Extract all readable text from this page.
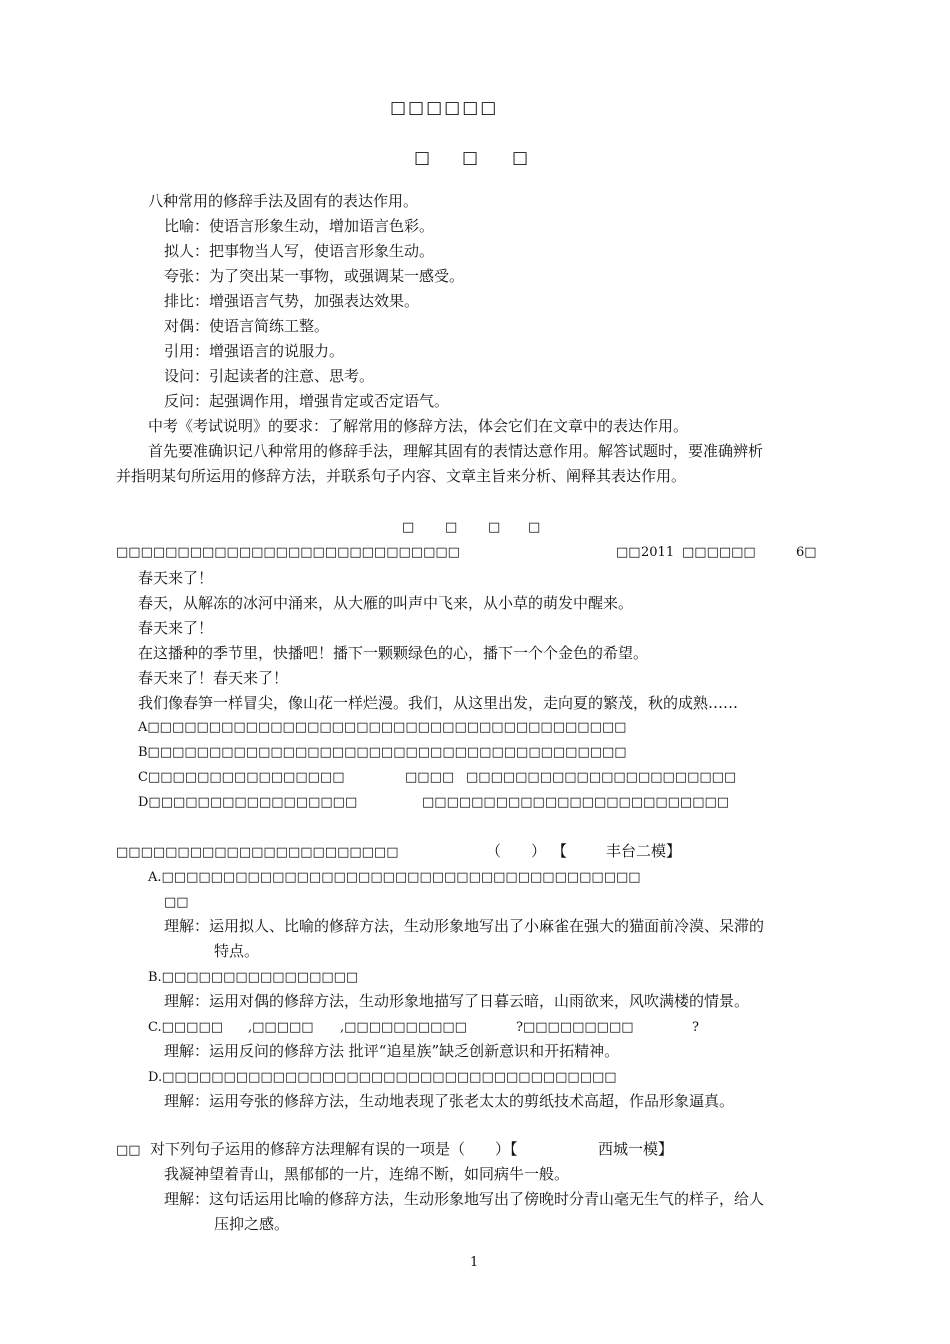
□□□□□□
□ □ □
八种常用的修辞手法及固有的表达作用。
比喻：使语言形象生动，增加语言色彩。
拟人：把事物当人写，使语言形象生动。
夸张：为了突出某一事物，或强调某一感受。
排比：增强语言气势，加强表达效果。
对偶：使语言简练工整。
引用：增强语言的说服力。
设问：引起读者的注意、思考。
反问：起强调作用，增强肯定或否定语气。
中考《考试说明》的要求：了解常用的修辞方法，体会它们在文章中的表达作用。
首先要准确识记八种常用的修辞手法，理解其固有的表情达意作用。解答试题时，要准确辨析
并指明某句所运用的修辞方法，并联系句子内容、文章主旨来分析、阐释其表达作用。
□ □ □ □
□□□□□□□□□□□□□□□□□□□□□□□□□□□□	□□ 2011 □□□□□□	6□
春天来了！
春天，从解冻的冰河中涌来，从大雁的叫声中飞来，从小草的萌发中醒来。
春天来了！
在这播种的季节里，快播吧！播下一颗颗绿色的心，播下一个个金色的希望。
春天来了！春天来了！
我们像春笋一样冒尖，像山花一样烂漫。我们，从这里出发，走向夏的繁茂，秋的成熟……
A□□□□□□□□□□□□□□□□□□□□□□□□□□□□□□□□□□□□□□□
B□□□□□□□□□□□□□□□□□□□□□□□□□□□□□□□□□□□□□□□
C□□□□□□□□□□□□□□□□	□□□□ □□□□□□□□□□□□□□□□□□□□□□
D□□□□□□□□□□□□□□□□□	□□□□□□□□□□□□□□□□□□□□□□□□□
□□□□□□□□□□□□□□□□□□□□□□□	（　　） 【	丰台二模】
A.□□□□□□□□□□□□□□□□□□□□□□□□□□□□□□□□□□□□□□□
□□
理解：运用拟人、比喻的修辞方法，生动形象地写出了小麻雀在强大的猫面前冷漠、呆滞的
特点。
B.□□□□□□□□□□□□□□□□
理解：运用对偶的修辞方法，生动形象地描写了日暮云暗，山雨欲来，风吹满楼的情景。
C.□□□□□ ,□□□□□ ,□□□□□□□□□□	?□□□□□□□□□	?
理解：运用反问的修辞方法 批评“追星族”缺乏创新意识和开拓精神。
D.□□□□□□□□□□□□□□□□□□□□□□□□□□□□□□□□□□□□□
理解：运用夸张的修辞方法，生动地表现了张老太太的剪纸技术高超，作品形象逼真。
□□ 对下列句子运用的修辞方法理解有误的一项是（　　）【	西城一模】
我凝神望着青山，黑郁郁的一片，连绵不断，如同病牛一般。
理解：这句话运用比喻的修辞方法，生动形象地写出了傍晚时分青山毫无生气的样子，给人
压抑之感。
1
